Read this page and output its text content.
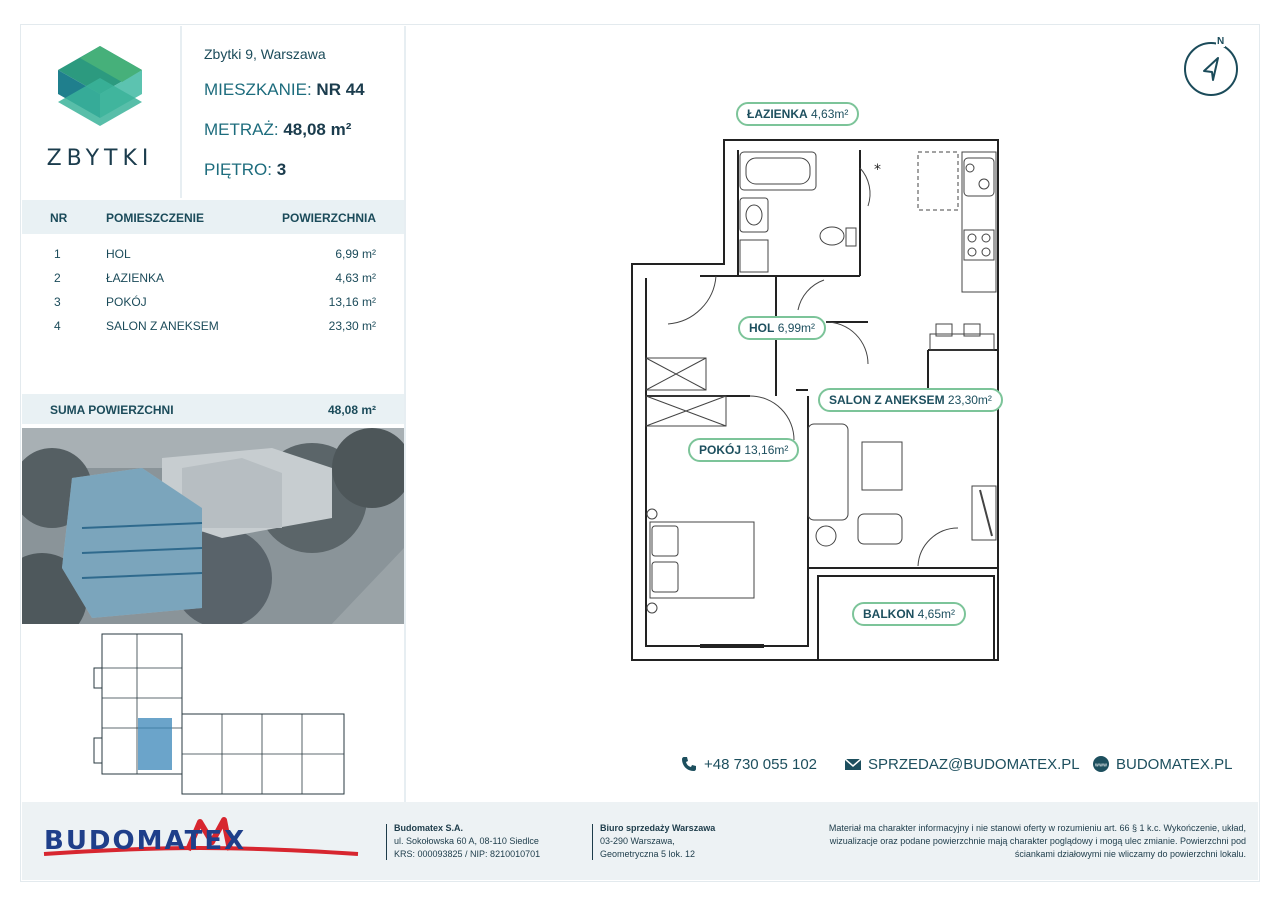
ZBYTKI
Zbytki 9, Warszawa
MIESZKANIE: NR 44
METRAŻ: 48,08 m²
PIĘTRO: 3
NR	POMIESZCZENIE	POWIERZCHNIA
1	HOL	6,99 m²
2	ŁAZIENKA	4,63 m²
3	POKÓJ	13,16 m²
4	SALON Z ANEKSEM	23,30 m²
SUMA POWIERZCHNI	48,08 m²
N
*
ŁAZIENKA 4,63m²
HOL 6,99m²
SALON Z ANEKSEM 23,30m²
POKÓJ 13,16m²
BALKON 4,65m²
+48 730 055 102	SPRZEDAZ@BUDOMATEX.PL	www BUDOMATEX.PL
BUDOMATEX	Budomatex S.A.
ul. Sokołowska 60 A, 08-110 Siedlce
KRS: 000093825 / NIP: 8210010701
Biuro sprzedaży Warszawa
03-290 Warszawa,
Geometryczna 5 lok. 12
Materiał ma charakter informacyjny i nie stanowi oferty w rozumieniu art. 66 § 1 k.c. Wykończenie, układ,
wizualizacje oraz podane powierzchnie mają charakter poglądowy i mogą ulec zmianie. Powierzchni pod
ściankami działowymi nie wliczamy do powierzchni lokalu.
